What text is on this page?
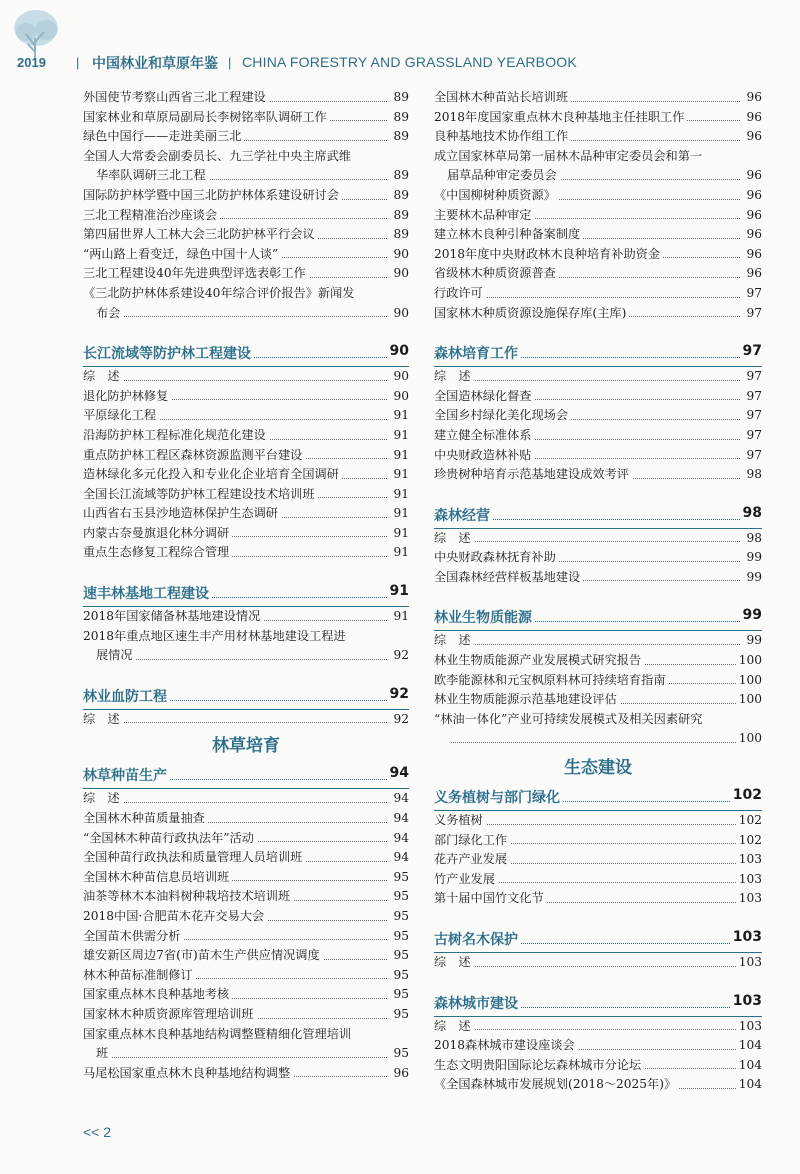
2019 | 中国林业和草原年鉴 | CHINA FORESTRY AND GRASSLAND YEARBOOK
外国使节考察山西省三北工程建设	89
国家林业和草原局副局长李树铭率队调研工作	89
绿色中国行——走进美丽三北	89
全国人大常委会副委员长、九三学社中央主席武维
华率队调研三北工程	89
国际防护林学暨中国三北防护林体系建设研讨会	89
三北工程精准治沙座谈会	89
第四届世界人工林大会三北防护林平行会议	89
“两山路上看变迁，绿色中国十人谈”	90
三北工程建设40年先进典型评选表彰工作	90
《三北防护林体系建设40年综合评价报告》新闻发
布会	90
长江流域等防护林工程建设	90
综　述	90
退化防护林修复	90
平原绿化工程	91
沿海防护林工程标准化规范化建设	91
重点防护林工程区森林资源监测平台建设	91
造林绿化多元化投入和专业化企业培育全国调研	91
全国长江流域等防护林工程建设技术培训班	91
山西省右玉县沙地造林保护生态调研	91
内蒙古奈曼旗退化林分调研	91
重点生态修复工程综合管理	91
速丰林基地工程建设	91
2018年国家储备林基地建设情况	91
2018年重点地区速生丰产用材林基地建设工程进
展情况	92
林业血防工程	92
综　述	92
林草培育
林草种苗生产	94
综　述	94
全国林木种苗质量抽查	94
“全国林木种苗行政执法年”活动	94
全国种苗行政执法和质量管理人员培训班	94
全国林木种苗信息员培训班	95
油茶等林木本油料树种栽培技术培训班	95
2018中国·合肥苗木花卉交易大会	95
全国苗木供需分析	95
雄安新区周边7省(市)苗木生产供应情况调度	95
林木种苗标准制修订	95
国家重点林木良种基地考核	95
国家林木种质资源库管理培训班	95
国家重点林木良种基地结构调整暨精细化管理培训
班	95
马尾松国家重点林木良种基地结构调整	96
全国林木种苗站长培训班	96
2018年度国家重点林木良种基地主任挂职工作	96
良种基地技术协作组工作	96
成立国家林草局第一届林木品种审定委员会和第一
届草品种审定委员会	96
《中国柳树种质资源》	96
主要林木品种审定	96
建立林木良种引种备案制度	96
2018年度中央财政林木良种培育补助资金	96
省级林木种质资源普查	96
行政许可	97
国家林木种质资源设施保存库(主库)	97
森林培育工作	97
综　述	97
全国造林绿化督查	97
全国乡村绿化美化现场会	97
建立健全标准体系	97
中央财政造林补贴	97
珍贵树种培育示范基地建设成效考评	98
森林经营	98
综　述	98
中央财政森林抚育补助	99
全国森林经营样板基地建设	99
林业生物质能源	99
综　述	99
林业生物质能源产业发展模式研究报告	100
欧李能源林和元宝枫原料林可持续培育指南	100
林业生物质能源示范基地建设评估	100
“林油一体化”产业可持续发展模式及相关因素研究
100
生态建设
义务植树与部门绿化	102
义务植树	102
部门绿化工作	102
花卉产业发展	103
竹产业发展	103
第十届中国竹文化节	103
古树名木保护	103
综　述	103
森林城市建设	103
综　述	103
2018森林城市建设座谈会	104
生态文明贵阳国际论坛森林城市分论坛	104
《全国森林城市发展规划(2018～2025年)》	104
<< 2
